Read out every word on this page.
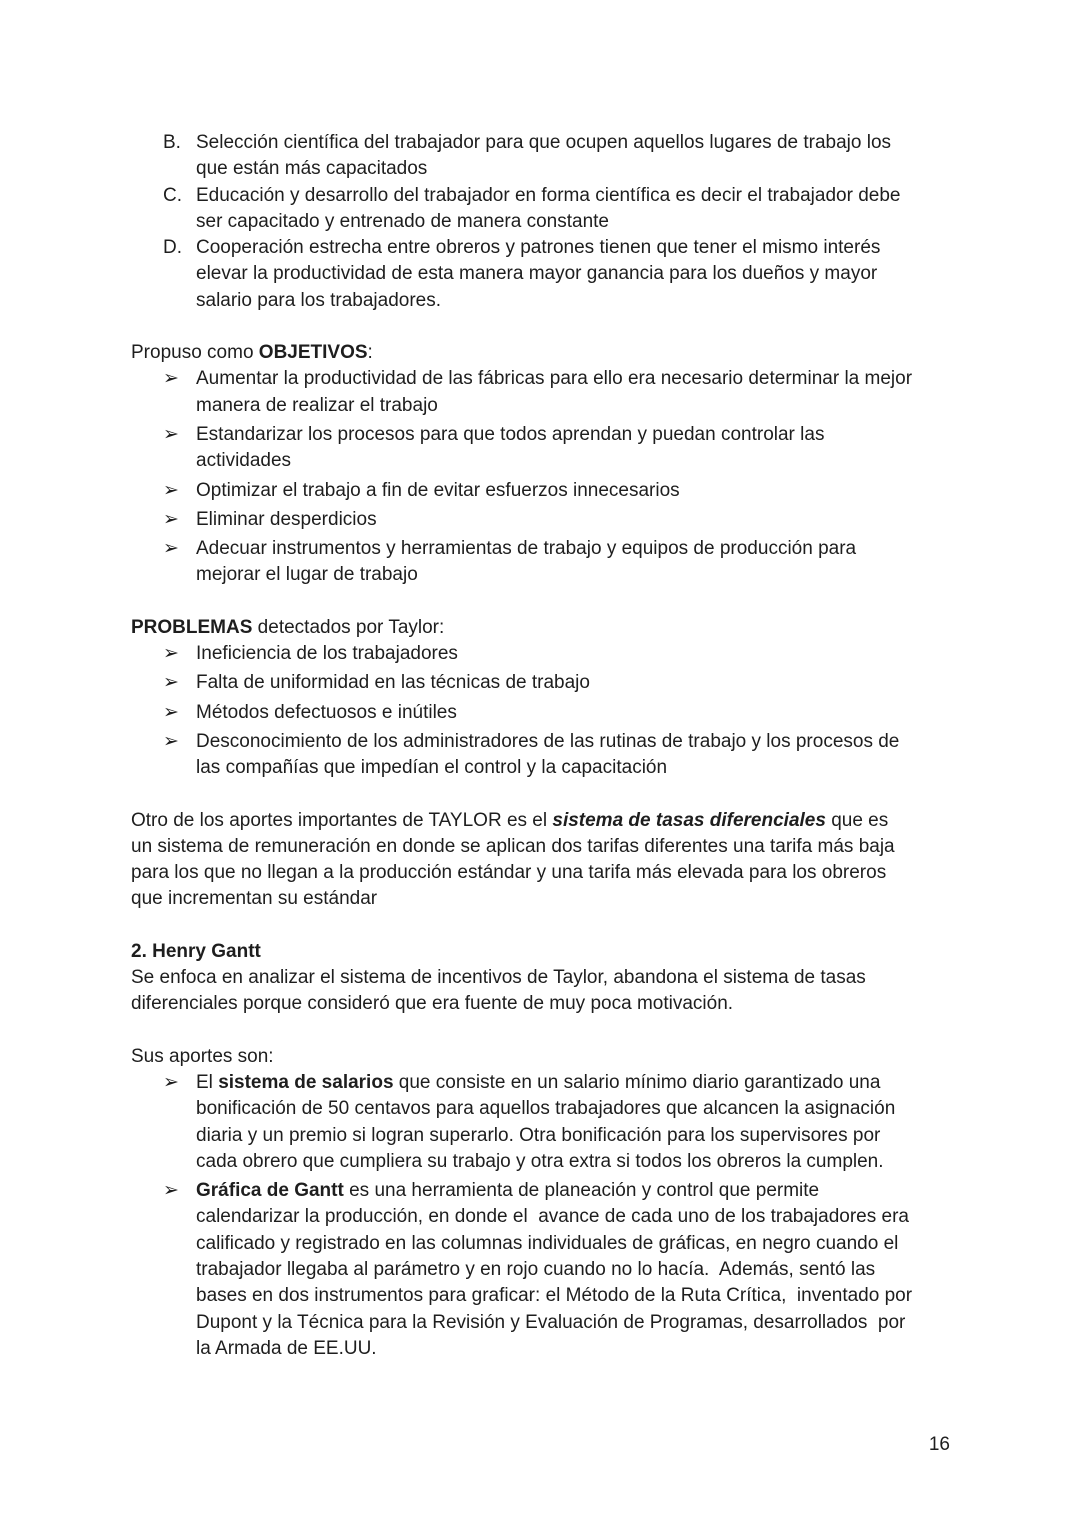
B. Selección científica del trabajador para que ocupen aquellos lugares de trabajo los
que están más capacitados
C. Educación y desarrollo del trabajador en forma científica es decir el trabajador debe
ser capacitado y entrenado de manera constante
D. Cooperación estrecha entre obreros y patrones tienen que tener el mismo interés
elevar la productividad de esta manera mayor ganancia para los dueños y mayor
salario para los trabajadores.
Propuso como OBJETIVOS:
➢ Aumentar la productividad de las fábricas para ello era necesario determinar la mejor
manera de realizar el trabajo
➢ Estandarizar los procesos para que todos aprendan y puedan controlar las
actividades
➢ Optimizar el trabajo a fin de evitar esfuerzos innecesarios
➢ Eliminar desperdicios
➢ Adecuar instrumentos y herramientas de trabajo y equipos de producción para
mejorar el lugar de trabajo
PROBLEMAS detectados por Taylor:
➢ Ineficiencia de los trabajadores
➢ Falta de uniformidad en las técnicas de trabajo
➢ Métodos defectuosos e inútiles
➢ Desconocimiento de los administradores de las rutinas de trabajo y los procesos de
las compañías que impedían el control y la capacitación
Otro de los aportes importantes de TAYLOR es el sistema de tasas diferenciales que es
un sistema de remuneración en donde se aplican dos tarifas diferentes una tarifa más baja
para los que no llegan a la producción estándar y una tarifa más elevada para los obreros
que incrementan su estándar
2. Henry Gantt
Se enfoca en analizar el sistema de incentivos de Taylor, abandona el sistema de tasas
diferenciales porque consideró que era fuente de muy poca motivación.
Sus aportes son:
➢ El sistema de salarios que consiste en un salario mínimo diario garantizado una
bonificación de 50 centavos para aquellos trabajadores que alcancen la asignación
diaria y un premio si logran superarlo. Otra bonificación para los supervisores por
cada obrero que cumpliera su trabajo y otra extra si todos los obreros la cumplen.
➢ Gráfica de Gantt es una herramienta de planeación y control que permite
calendarizar la producción, en donde el  avance de cada uno de los trabajadores era
calificado y registrado en las columnas individuales de gráficas, en negro cuando el
trabajador llegaba al parámetro y en rojo cuando no lo hacía.  Además, sentó las
bases en dos instrumentos para graficar: el Método de la Ruta Crítica,  inventado por
Dupont y la Técnica para la Revisión y Evaluación de Programas, desarrollados  por
la Armada de EE.UU.
16
